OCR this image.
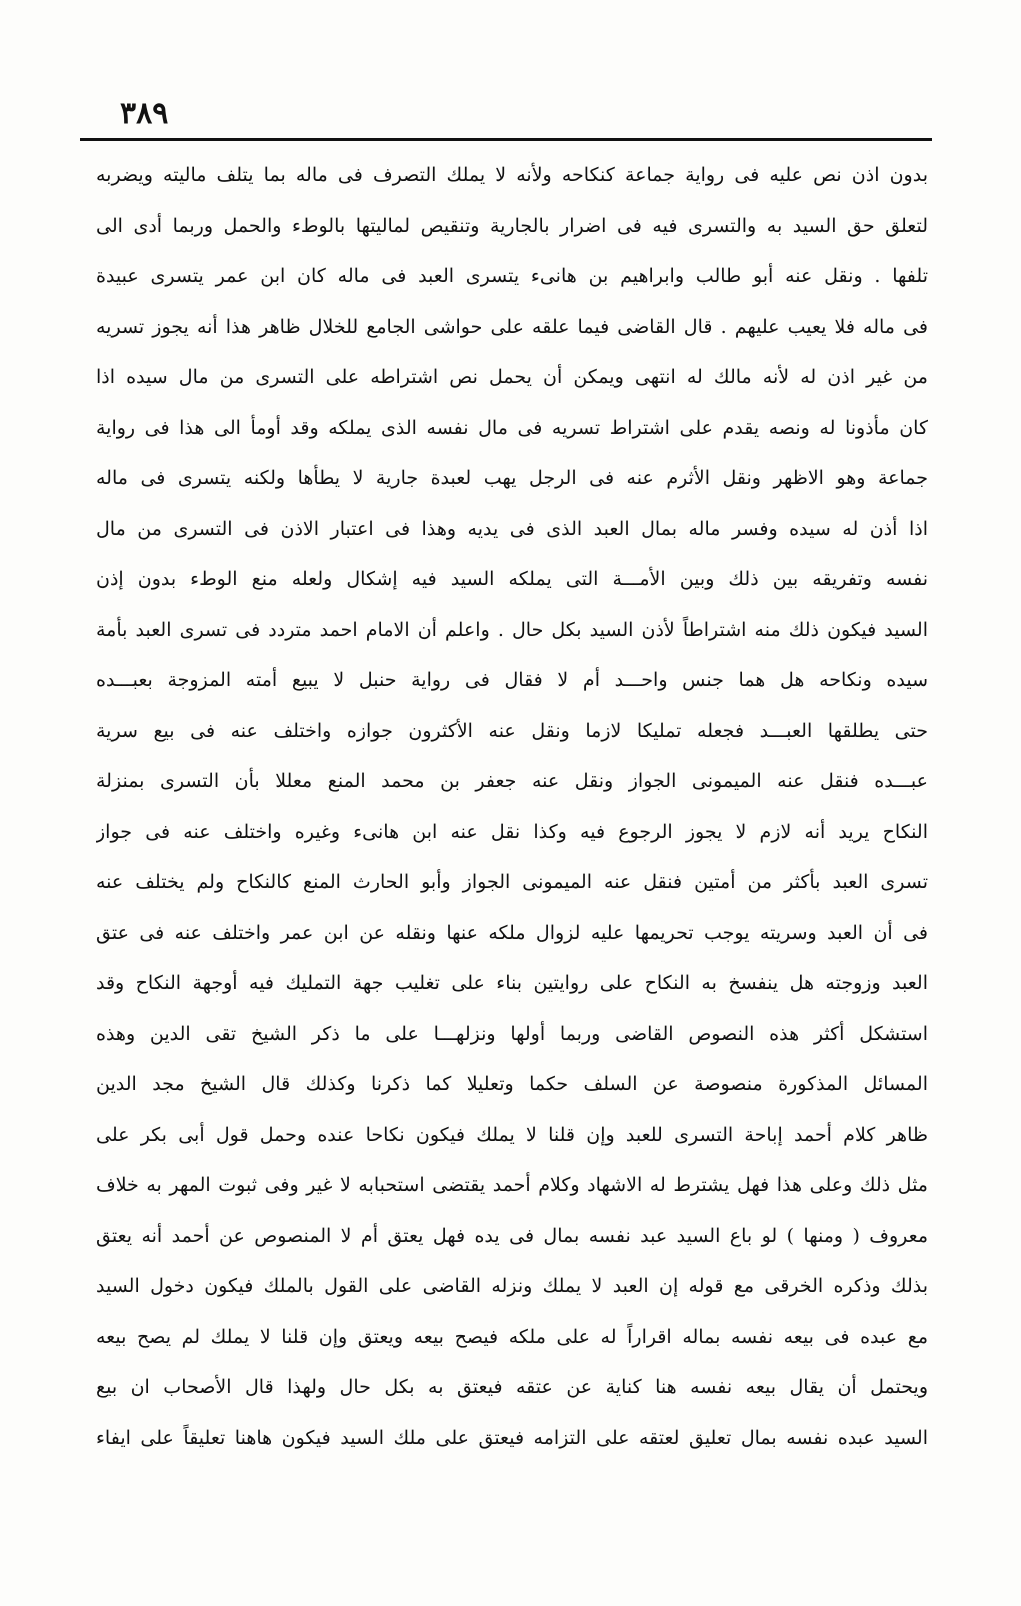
٣٨٩
بدون اذن نص عليه فى رواية جماعة كنكاحه ولأنه لا يملك التصرف فى ماله بما يتلف ماليته ويضربه
لتعلق حق السيد به والتسرى فيه فى اضرار بالجارية وتنقيص لماليتها بالوطء والحمل وربما أدى الى
تلفها . ونقل عنه أبو طالب وابراهيم بن هانىء يتسرى العبد فى ماله كان ابن عمر يتسرى عبيدة
فى ماله فلا يعيب عليهم . قال القاضى فيما علقه على حواشى الجامع للخلال ظاهر هذا أنه يجوز تسريه
من غير اذن له لأنه مالك له انتهى ويمكن أن يحمل نص اشتراطه على التسرى من مال سيده اذا
كان مأذونا له ونصه يقدم على اشتراط تسريه فى مال نفسه الذى يملكه وقد أومأ الى هذا فى رواية
جماعة وهو الاظهر ونقل الأثرم عنه فى الرجل يهب لعبدة جارية لا يطأها ولكنه يتسرى فى ماله
اذا أذن له سيده وفسر ماله بمال العبد الذى فى يديه وهذا فى اعتبار الاذن فى التسرى من مال
نفسه وتفريقه بين ذلك وبين الأمـــة التى يملكه السيد فيه إشكال ولعله منع الوطء بدون إذن
السيد فيكون ذلك منه اشتراطاً لأذن السيد بكل حال . واعلم أن الامام احمد متردد فى تسرى العبد بأمة
سيده ونكاحه هل هما جنس واحـــد أم لا فقال فى رواية حنبل لا يبيع أمته المزوجة بعبـــده
حتى يطلقها العبـــد فجعله تمليكا لازما ونقل عنه الأكثرون جوازه واختلف عنه فى بيع سرية
عبـــده فنقل عنه الميمونى الجواز ونقل عنه جعفر بن محمد المنع معللا بأن التسرى بمنزلة
النكاح يريد أنه لازم لا يجوز الرجوع فيه وكذا نقل عنه ابن هانىء وغيره واختلف عنه فى جواز
تسرى العبد بأكثر من أمتين فنقل عنه الميمونى الجواز وأبو الحارث المنع كالنكاح ولم يختلف عنه
فى أن العبد وسريته يوجب تحريمها عليه لزوال ملكه عنها ونقله عن ابن عمر واختلف عنه فى عتق
العبد وزوجته هل ينفسخ به النكاح على روايتين بناء على تغليب جهة التمليك فيه أوجهة النكاح وقد
استشكل أكثر هذه النصوص القاضى وربما أولها ونزلهـــا على ما ذكر الشيخ تقى الدين وهذه
المسائل المذكورة منصوصة عن السلف حكما وتعليلا كما ذكرنا وكذلك قال الشيخ مجد الدين
ظاهر كلام أحمد إباحة التسرى للعبد وإن قلنا لا يملك فيكون نكاحا عنده وحمل قول أبى بكر على
مثل ذلك وعلى هذا فهل يشترط له الاشهاد وكلام أحمد يقتضى استحبابه لا غير وفى ثبوت المهر به خلاف
معروف ( ومنها ) لو باع السيد عبد نفسه بمال فى يده فهل يعتق أم لا المنصوص عن أحمد أنه يعتق
بذلك وذكره الخرقى مع قوله إن العبد لا يملك ونزله القاضى على القول بالملك فيكون دخول السيد
مع عبده فى بيعه نفسه بماله اقراراً له على ملكه فيصح بيعه ويعتق وإن قلنا لا يملك لم يصح بيعه
ويحتمل أن يقال بيعه نفسه هنا كناية عن عتقه فيعتق به بكل حال ولهذا قال الأصحاب ان بيع
السيد عبده نفسه بمال تعليق لعتقه على التزامه فيعتق على ملك السيد فيكون هاهنا تعليقاً على ايفاء
